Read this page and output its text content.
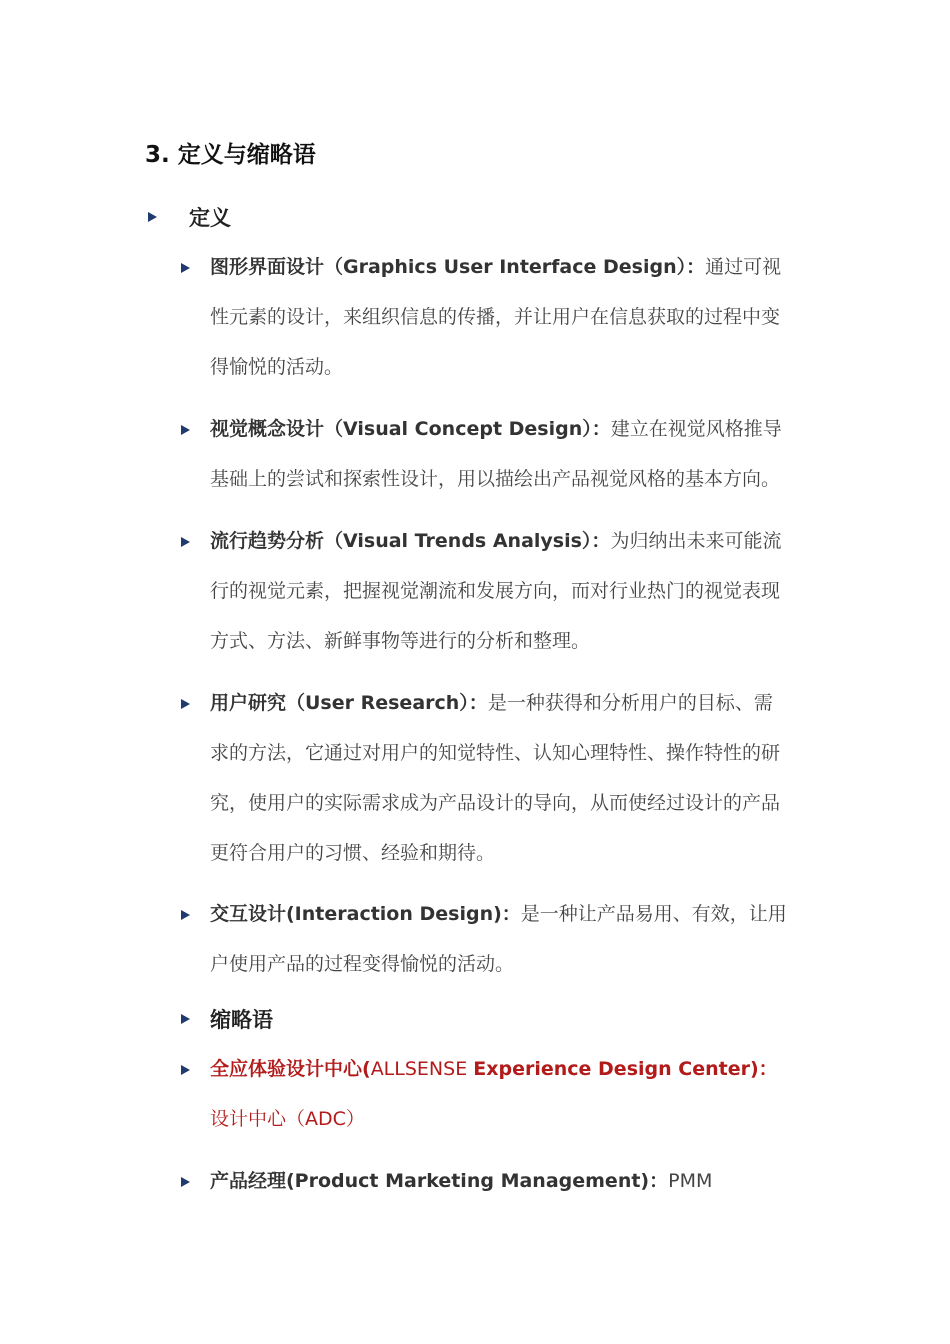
3. 定义与缩略语
定义
图形界面设计（Graphics User Interface Design）：通过可视性元素的设计，来组织信息的传播，并让用户在信息获取的过程中变得愉悦的活动。
视觉概念设计（Visual Concept Design）：建立在视觉风格推导基础上的尝试和探索性设计，用以描绘出产品视觉风格的基本方向。
流行趋势分析（Visual Trends Analysis）：为归纳出未来可能流行的视觉元素，把握视觉潮流和发展方向，而对行业热门的视觉表现方式、方法、新鲜事物等进行的分析和整理。
用户研究（User Research）：是一种获得和分析用户的目标、需求的方法，它通过对用户的知觉特性、认知心理特性、操作特性的研究，使用户的实际需求成为产品设计的导向，从而使经过设计的产品更符合用户的习惯、经验和期待。
交互设计(Interaction Design)：是一种让产品易用、有效，让用户使用产品的过程变得愉悦的活动。
缩略语
全应体验设计中心(ALLSENSE Experience Design Center)：设计中心（ADC）
产品经理(Product Marketing Management)：PMM
